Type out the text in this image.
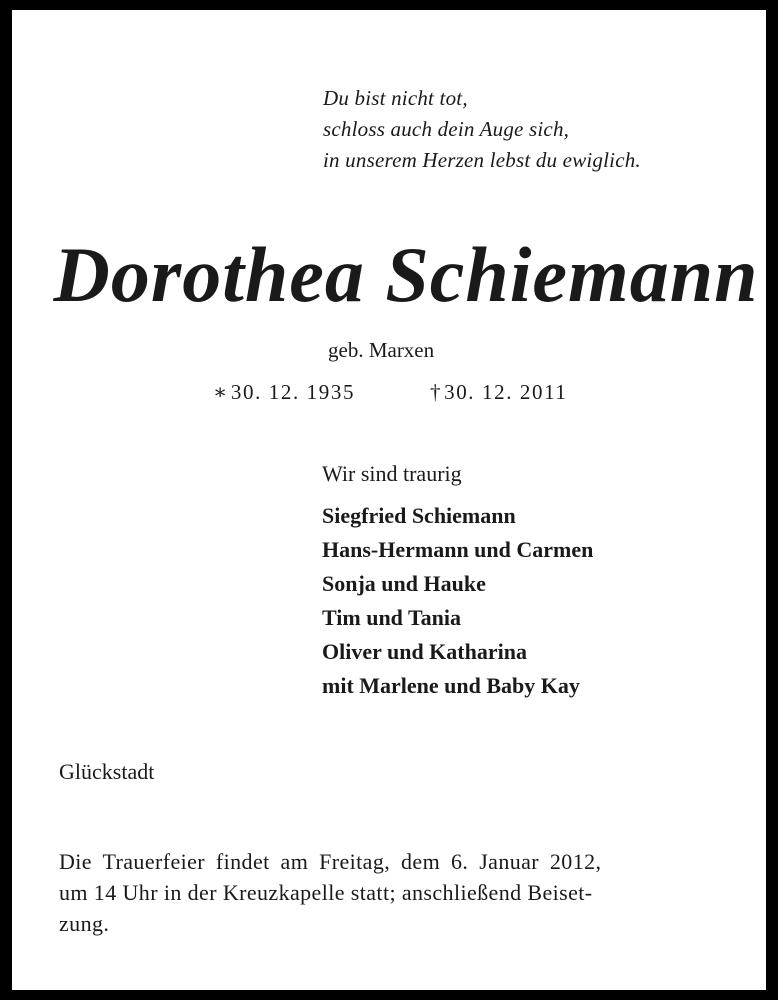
Du bist nicht tot,
schloss auch dein Auge sich,
in unserem Herzen lebst du ewiglich.
Dorothea Schiemann
geb. Marxen
∗30. 12. 1935	†30. 12. 2011
Wir sind traurig
Siegfried Schiemann
Hans-Hermann und Carmen
Sonja und Hauke
Tim und Tania
Oliver und Katharina
mit Marlene und Baby Kay
Glückstadt
Die Trauerfeier findet am Freitag, dem 6. Januar 2012,
um 14 Uhr in der Kreuzkapelle statt; anschließend Beiset-
zung.
